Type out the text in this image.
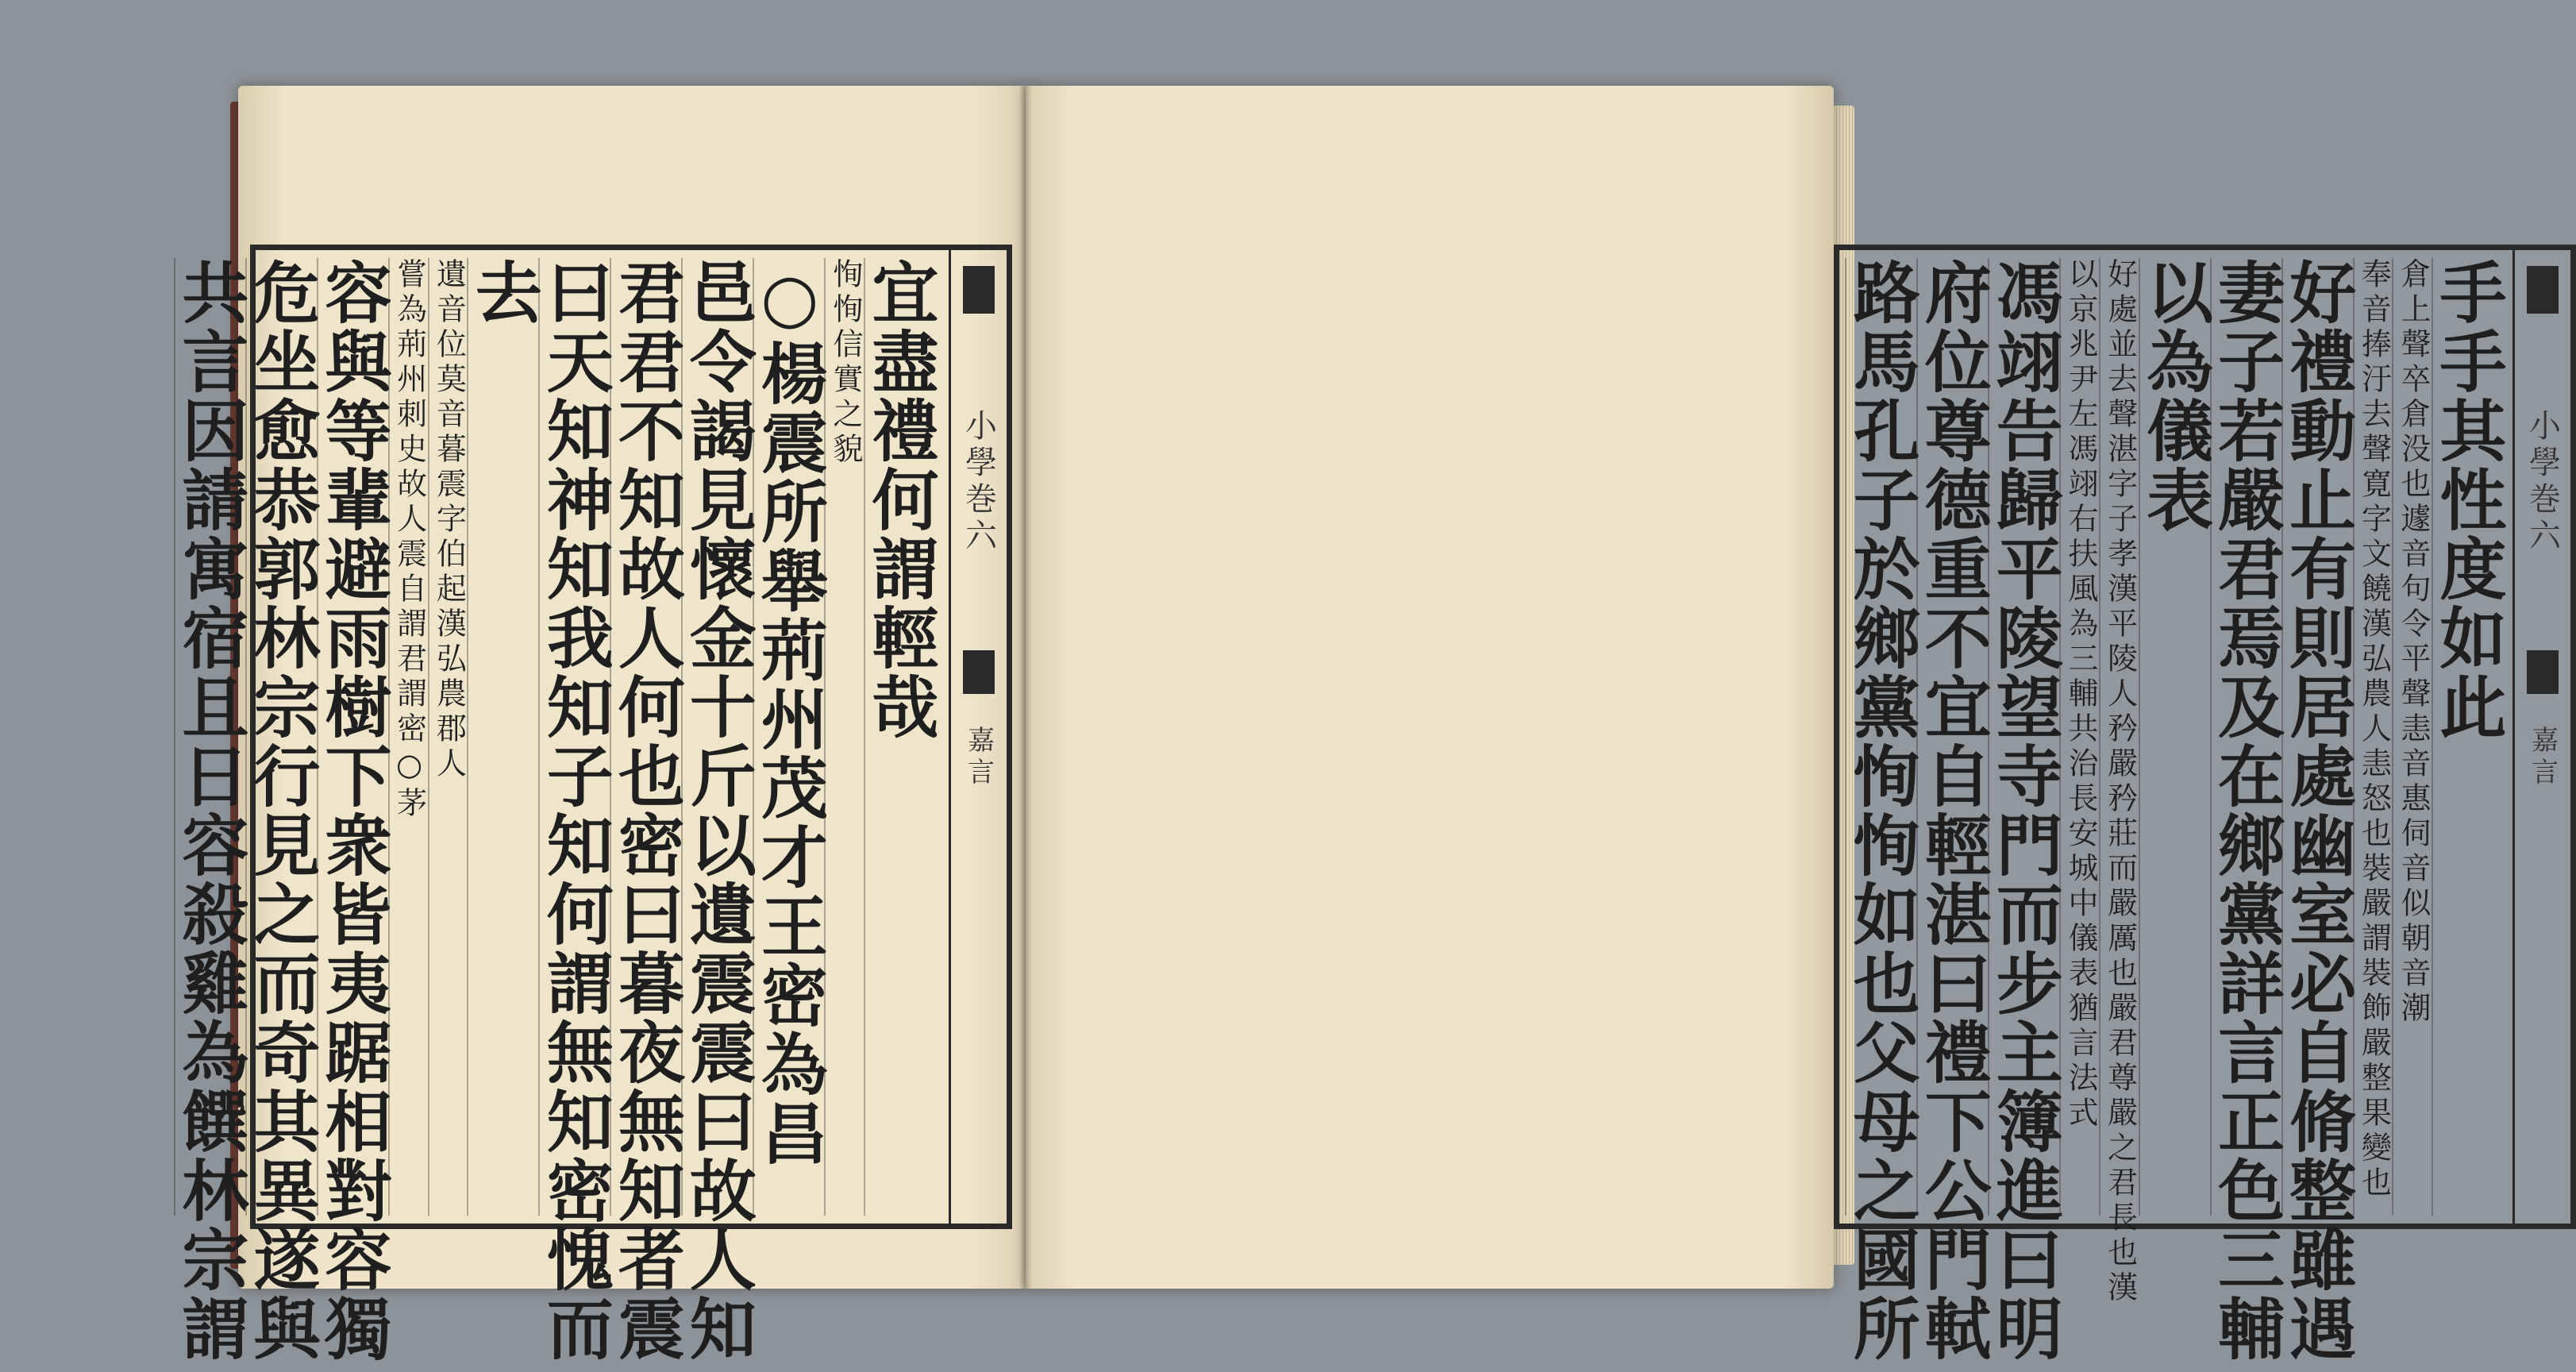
宜盡禮何謂輕哉
恂恂信實之貌
○楊震所舉荊州茂才王密為昌
邑令謁見懷金十斤以遺震震曰故人知
君君不知故人何也密曰暮夜無知者震
曰天知神知我知子知何謂無知密愧而
去
遺音位莫音暮震字伯起漢弘農郡人
嘗為荊州刺史故人震自謂君謂密○茅
容與等輩避雨樹下衆皆夷踞相對容獨
危坐愈恭郭林宗行見之而奇其異遂與
共言因請寓宿且日容殺雞為饌林宗謂	小學巻六
嘉言
手手其性度如此
倉上聲卒倉没也遽音句令平聲恚音惠伺音似朝音潮
奉音捧汙去聲寛字文饒漢弘農人恚怒也裝嚴謂裝飾嚴整果變也
好禮動止有則居處幽室必自脩整雖遇
妻子若嚴君焉及在鄉黨詳言正色三輔
以為儀表
好處並去聲湛字子孝漢平陵人矜嚴矜莊而嚴厲也嚴君尊嚴之君長也漢
以京兆尹左馮翊右扶風為三輔共治長安城中儀表猶言法式
馮翊告歸平陵望寺門而步主簿進曰明
府位尊德重不宜自輕湛曰禮下公門軾
路馬孔子於鄉黨恂恂如也父母之國所	小學巻六
嘉言
